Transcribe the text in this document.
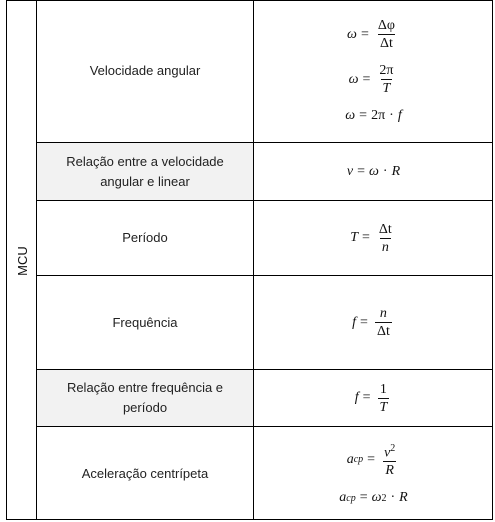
MCU
Velocidade angular
$\omega = \frac{\Delta\varphi}{\Delta t}$
$\omega = \frac{2\pi}{T}$
ω = 2π · f
Relação entre a velocidade angular e linear
v = ω · R
Período	$T = \frac{\Delta t}{n}$
Frequência	$f = \frac{n}{\Delta t}$
Relação entre frequência e período
$f = \frac{1}{T}$
Aceleração centrípeta
a cp = $\frac{v^2}{R}$
a cp = ω 2 · R
